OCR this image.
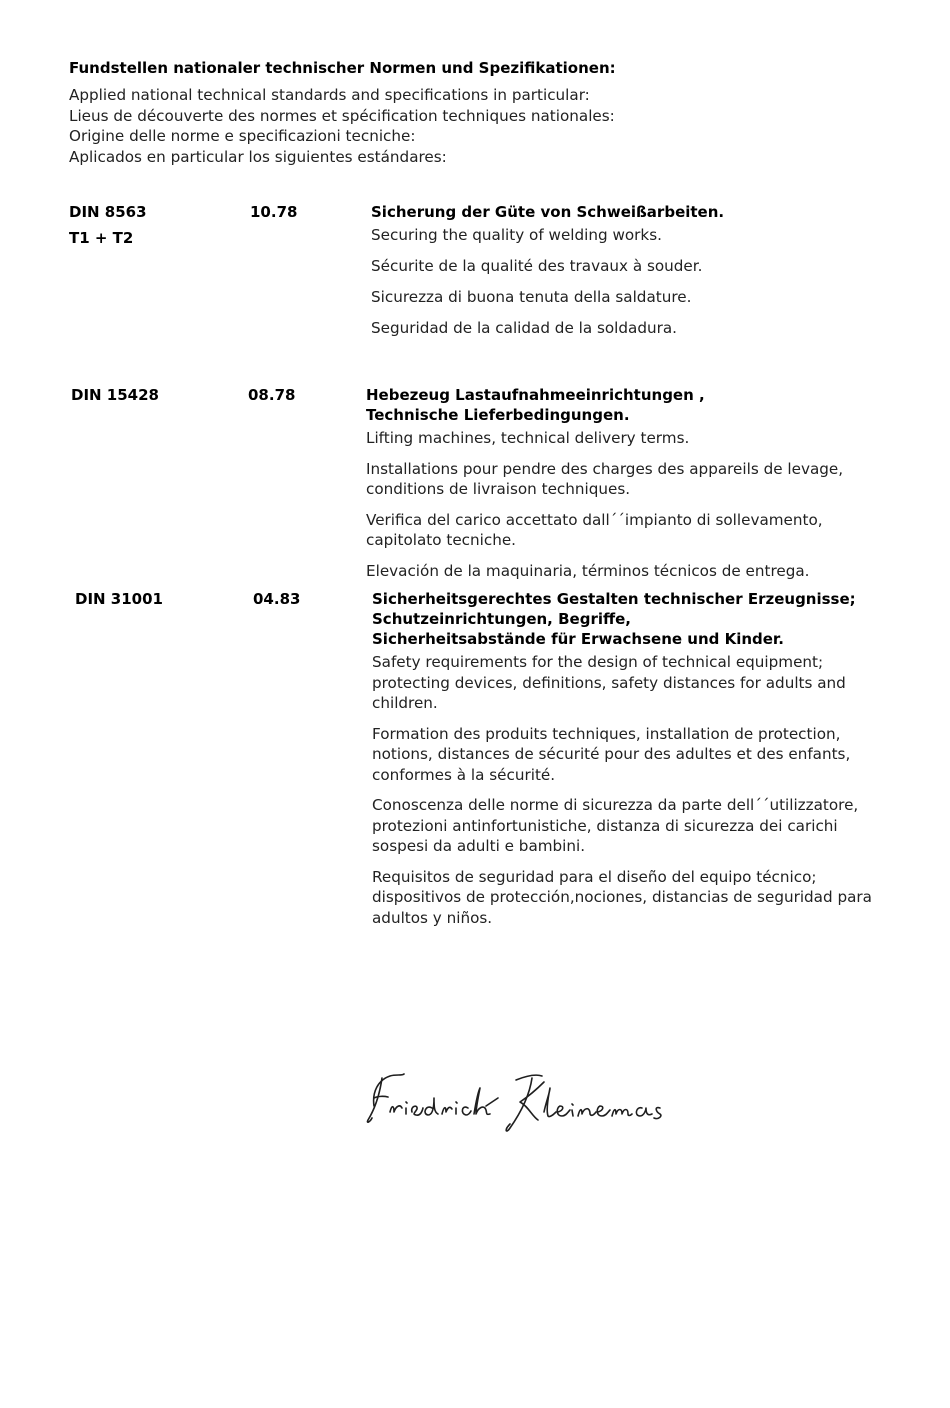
Fundstellen nationaler technischer Normen und Spezifikationen:
Applied national technical standards and specifications in particular:
Lieus de découverte des normes et spécification techniques nationales:
Origine delle norme e specificazioni tecniche:
Aplicados en particular los siguientes estándares:
DIN 8563
T1 + T2
10.78	Sicherung der Güte von Schweißarbeiten.
Securing the quality of welding works.
Sécurite de la qualité des travaux à souder.
Sicurezza di buona tenuta della saldature.
Seguridad de la calidad de la soldadura.
DIN 15428	08.78	Hebezeug Lastaufnahmeeinrichtungen ,
Technische Lieferbedingungen.
Lifting machines, technical delivery terms.
Installations pour pendre des charges des appareils de levage,
conditions de livraison techniques.
Verifica del carico accettato dall´´impianto di sollevamento,
capitolato tecniche.
Elevación de la maquinaria, términos técnicos de entrega.
DIN 31001	04.83	Sicherheitsgerechtes Gestalten technischer Erzeugnisse;
Schutzeinrichtungen, Begriffe,
Sicherheitsabstände für Erwachsene und Kinder.
Safety requirements for the design of technical equipment;
protecting devices, definitions, safety distances for adults and
children.
Formation des produits techniques, installation de protection,
notions, distances de sécurité pour des adultes et des enfants,
conformes à la sécurité.
Conoscenza delle norme di sicurezza da parte dell´´utilizzatore,
protezioni antinfortunistiche, distanza di sicurezza dei carichi
sospesi da adulti e bambini.
Requisitos de seguridad para el diseño del equipo técnico;
dispositivos de protección,nociones, distancias de seguridad para
adultos y niños.
